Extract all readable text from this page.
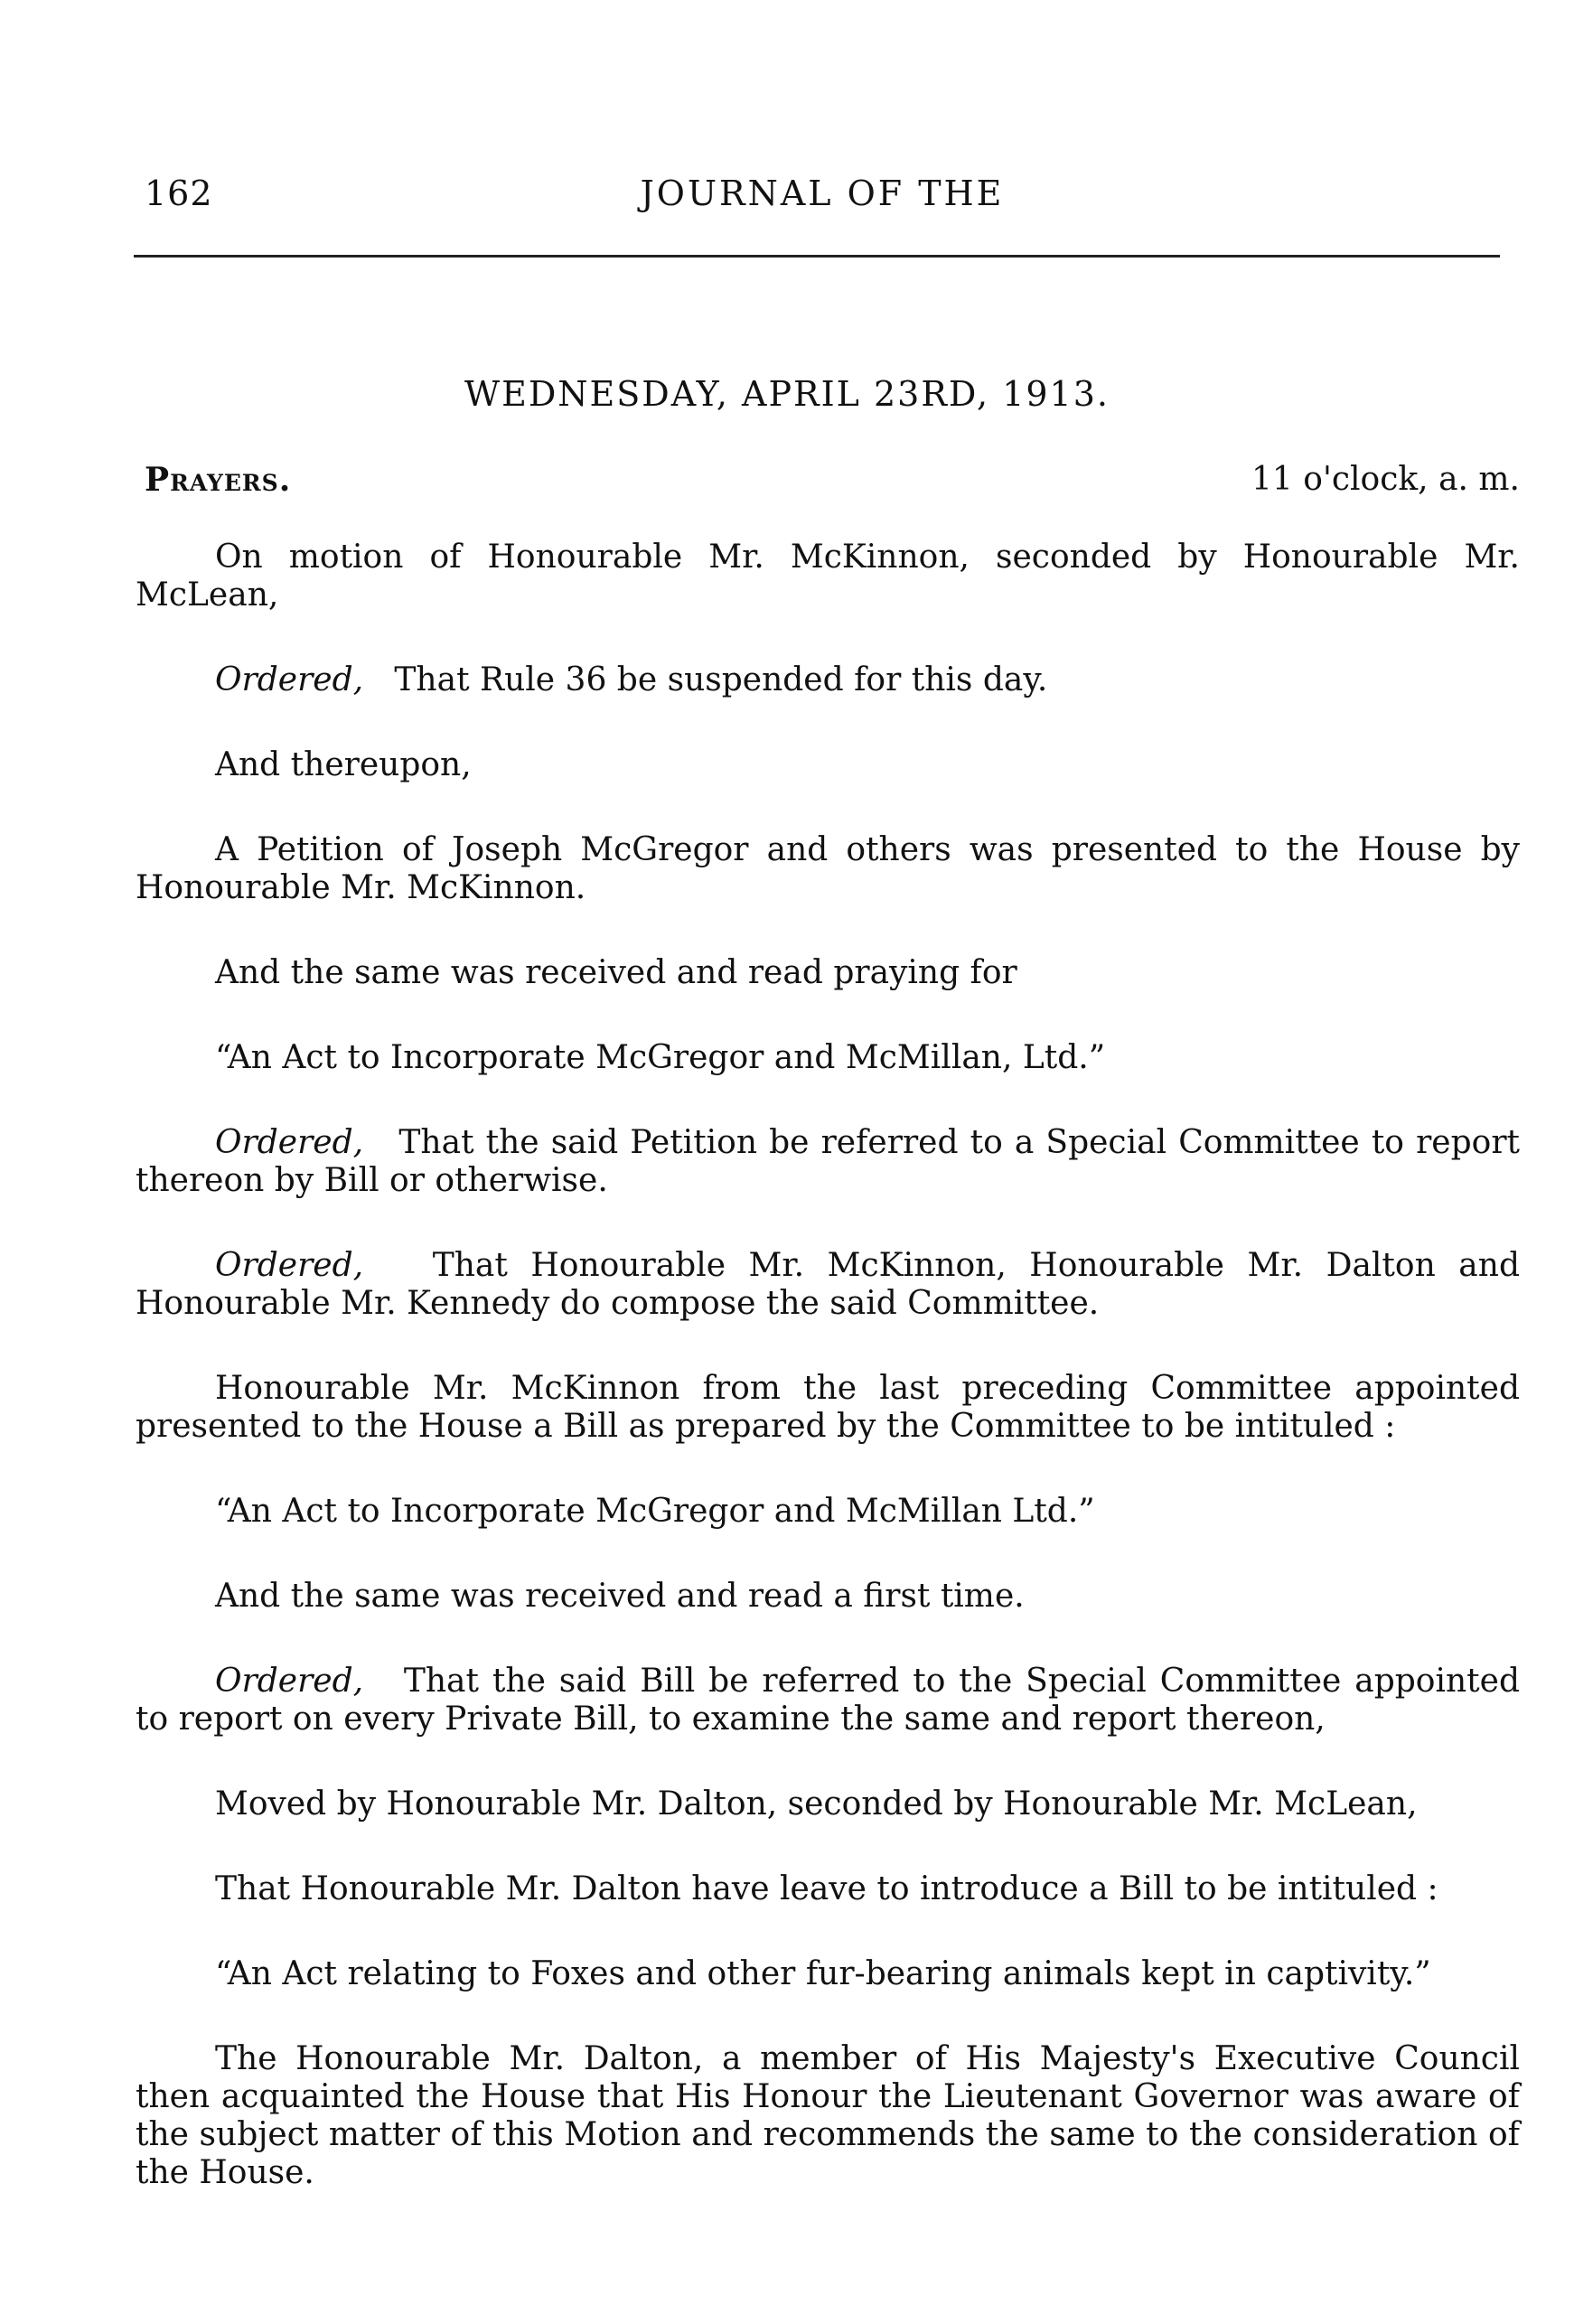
162	JOURNAL OF THE
WEDNESDAY, APRIL 23RD, 1913.
Prayers.	11 o'clock, a. m.

On motion of Honourable Mr. McKinnon, seconded by Honourable Mr. McLean,

Ordered, That Rule 36 be suspended for this day.

And thereupon,

A Petition of Joseph McGregor and others was presented to the House by Honourable Mr. McKinnon.

And the same was received and read praying for

“An Act to Incorporate McGregor and McMillan, Ltd.”

Ordered, That the said Petition be referred to a Special Committee to report thereon by Bill or otherwise.

Ordered, That Honourable Mr. McKinnon, Honourable Mr. Dalton and Honourable Mr. Kennedy do compose the said Committee.

Honourable Mr. McKinnon from the last preceding Committee appointed presented to the House a Bill as prepared by the Committee to be intituled :

“An Act to Incorporate McGregor and McMillan Ltd.”

And the same was received and read a first time.

Ordered, That the said Bill be referred to the Special Committee appointed to report on every Private Bill, to examine the same and report thereon,

Moved by Honourable Mr. Dalton, seconded by Honourable Mr. McLean,

That Honourable Mr. Dalton have leave to introduce a Bill to be intituled :

“An Act relating to Foxes and other fur-bearing animals kept in captivity.”

The Honourable Mr. Dalton, a member of His Majesty's Executive Council then acquainted the House that His Honour the Lieutenant Governor was aware of the subject matter of this Motion and recommends the same to the consideration of the House.
